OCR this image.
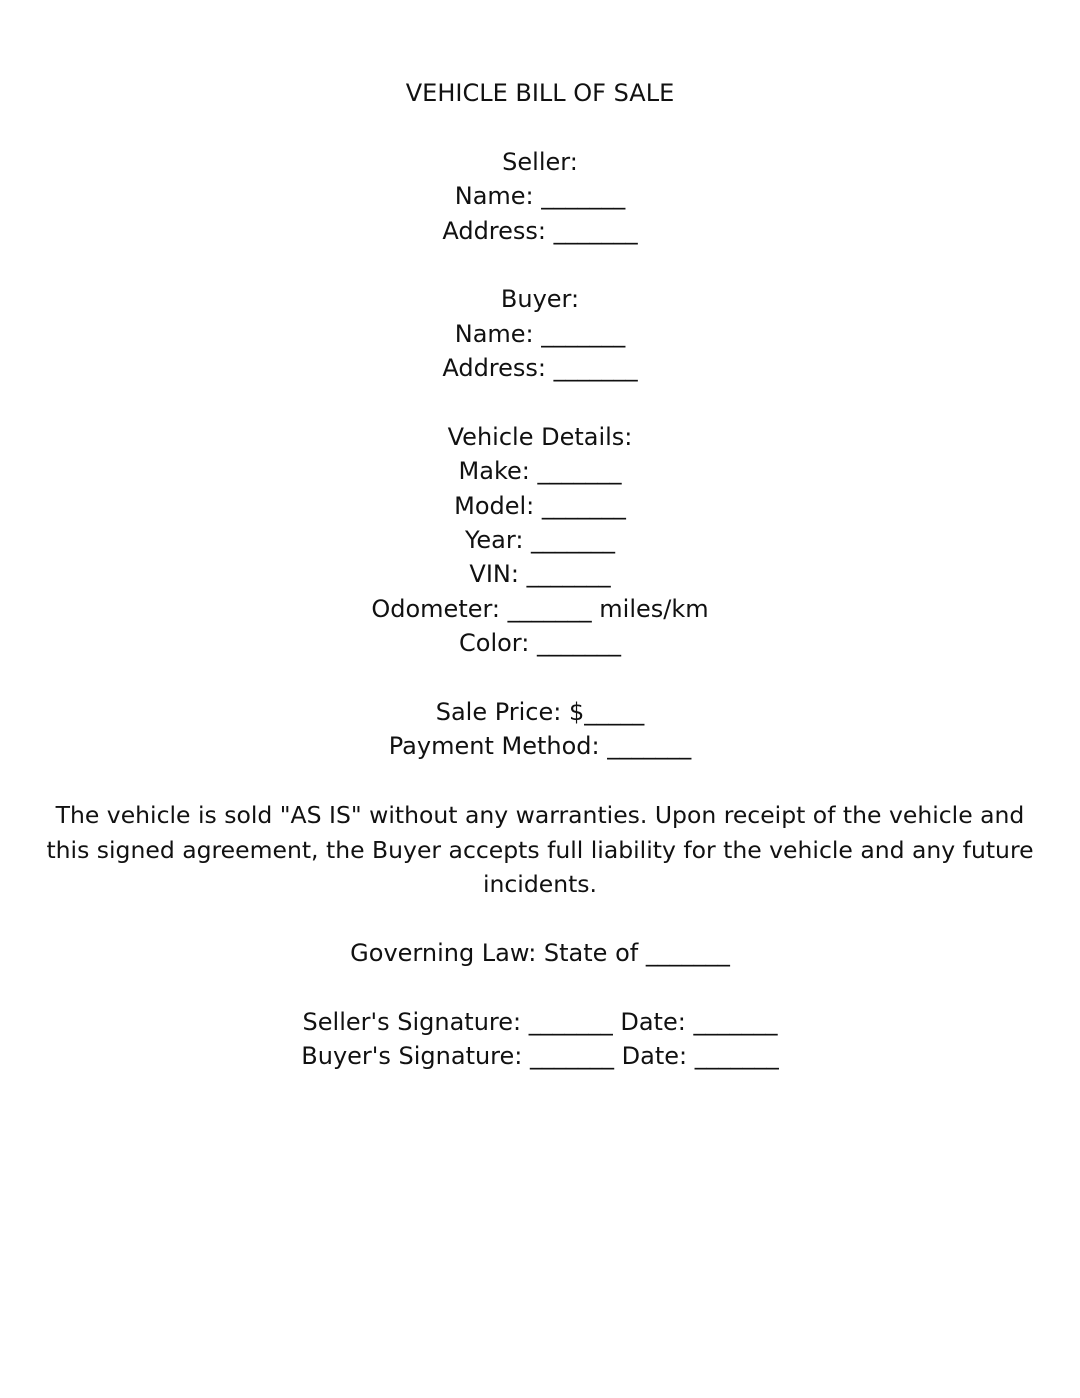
VEHICLE BILL OF SALE
Seller:
Name: _______
Address: _______
Buyer:
Name: _______
Address: _______
Vehicle Details:
Make: _______
Model: _______
Year: _______
VIN: _______
Odometer: _______ miles/km
Color: _______
Sale Price: $_____
Payment Method: _______

The vehicle is sold "AS IS" without any warranties. Upon receipt of the vehicle and this signed agreement, the Buyer accepts full liability for the vehicle and any future incidents.

Governing Law: State of _______
Seller's Signature: _______ Date: _______
Buyer's Signature: _______ Date: _______
